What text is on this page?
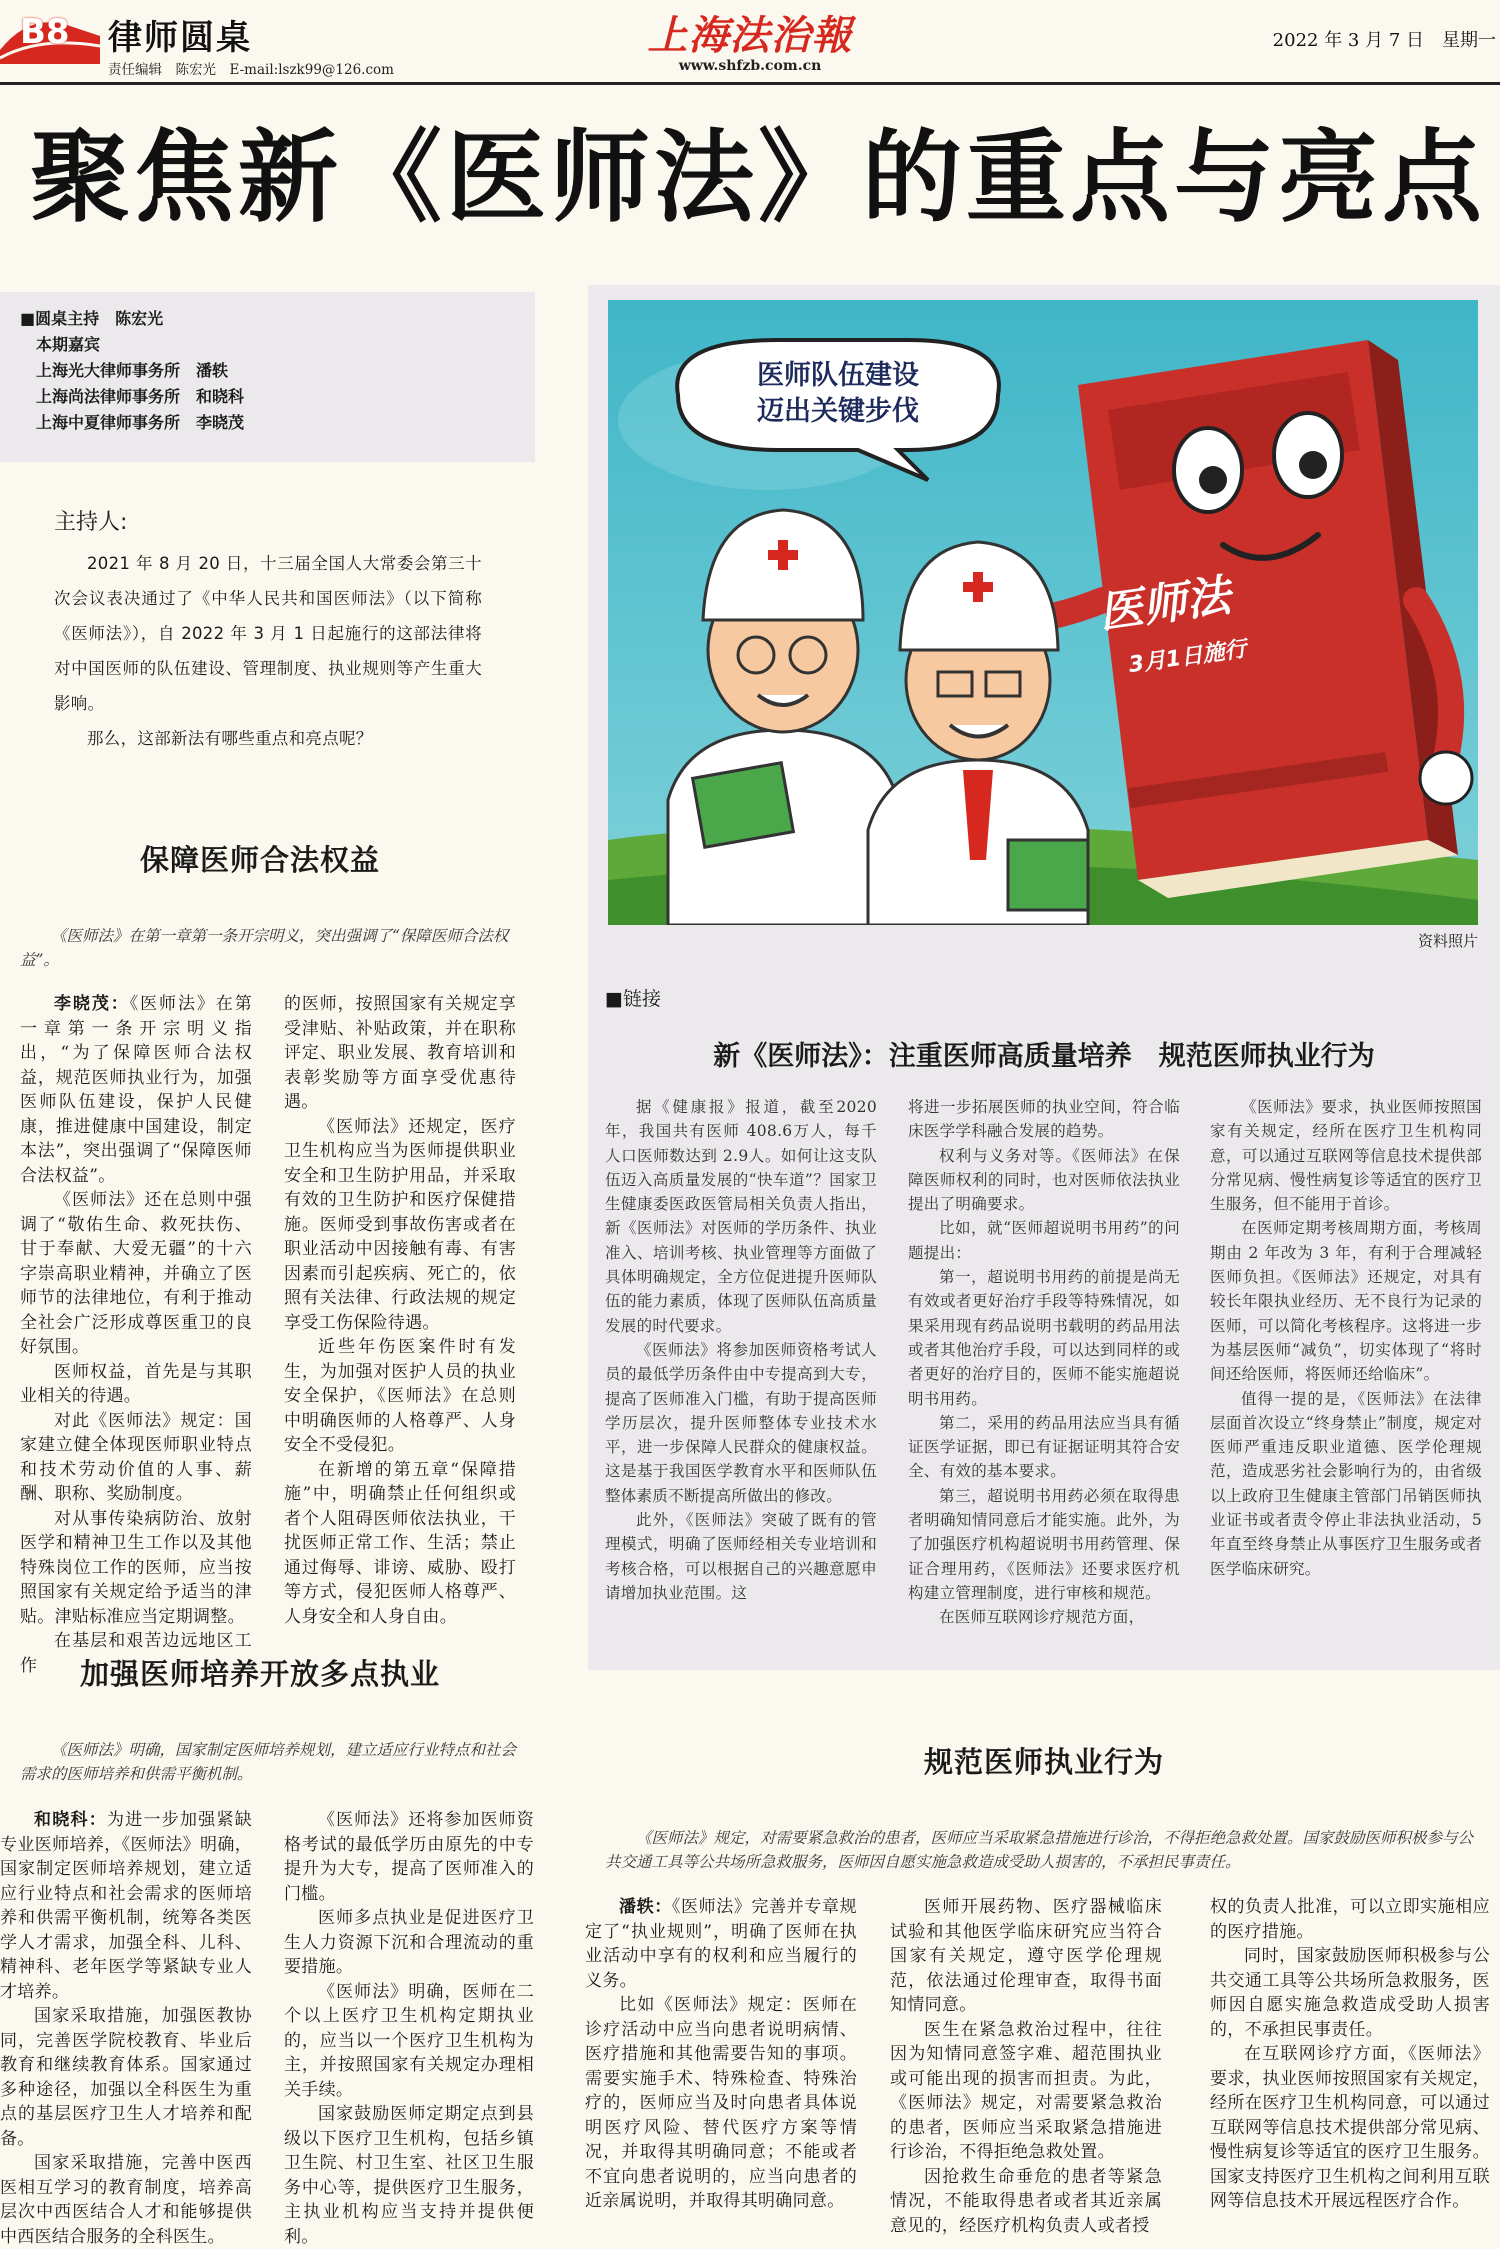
B8 律师圆桌
责任编辑　陈宏光　E-mail:lszk99@126.com
上海法治報
www.shfzb.com.cn
2022 年 3 月 7 日　星期一
聚焦新《医师法》的重点与亮点
■圆桌主持　陈宏光
本期嘉宾
上海光大律师事务所　潘轶
上海尚法律师事务所　和晓科
上海中夏律师事务所　李晓茂
主持人:

2021 年 8 月 20 日，十三届全国人大常委会第三十次会议表决通过了《中华人民共和国医师法》（以下简称《医师法》），自 2022 年 3 月 1 日起施行的这部法律将对中国医师的队伍建设、管理制度、执业规则等产生重大影响。

那么，这部新法有哪些重点和亮点呢？

保障医师合法权益
《医师法》在第一章第一条开宗明义，突出强调了“保障医师合法权益”。

李晓茂：《医师法》在第一章第一条开宗明义指出，“为了保障医师合法权益，规范医师执业行为，加强医师队伍建设，保护人民健康，推进健康中国建设，制定本法”，突出强调了“保障医师合法权益”。

《医师法》还在总则中强调了“敬佑生命、救死扶伤、甘于奉献、大爱无疆”的十六字崇高职业精神，并确立了医师节的法律地位，有利于推动全社会广泛形成尊医重卫的良好氛围。

医师权益，首先是与其职业相关的待遇。

对此《医师法》规定：国家建立健全体现医师职业特点和技术劳动价值的人事、薪酬、职称、奖励制度。

对从事传染病防治、放射医学和精神卫生工作以及其他特殊岗位工作的医师，应当按照国家有关规定给予适当的津贴。津贴标准应当定期调整。

在基层和艰苦边远地区工作

的医师，按照国家有关规定享受津贴、补贴政策，并在职称评定、职业发展、教育培训和表彰奖励等方面享受优惠待遇。

《医师法》还规定，医疗卫生机构应当为医师提供职业安全和卫生防护用品，并采取有效的卫生防护和医疗保健措施。医师受到事故伤害或者在职业活动中因接触有毒、有害因素而引起疾病、死亡的，依照有关法律、行政法规的规定享受工伤保险待遇。

近些年伤医案件时有发生，为加强对医护人员的执业安全保护，《医师法》在总则中明确医师的人格尊严、人身安全不受侵犯。

在新增的第五章“保障措施”中，明确禁止任何组织或者个人阻碍医师依法执业，干扰医师正常工作、生活；禁止通过侮辱、诽谤、威胁、殴打等方式，侵犯医师人格尊严、人身安全和人身自由。

加强医师培养开放多点执业
《医师法》明确，国家制定医师培养规划，建立适应行业特点和社会需求的医师培养和供需平衡机制。

和晓科：为进一步加强紧缺专业医师培养，《医师法》明确，国家制定医师培养规划，建立适应行业特点和社会需求的医师培养和供需平衡机制，统筹各类医学人才需求，加强全科、儿科、精神科、老年医学等紧缺专业人才培养。

国家采取措施，加强医教协同，完善医学院校教育、毕业后教育和继续教育体系。国家通过多种途径，加强以全科医生为重点的基层医疗卫生人才培养和配备。

国家采取措施，完善中医西医相互学习的教育制度，培养高层次中西医结合人才和能够提供中西医结合服务的全科医生。

《医师法》还将参加医师资格考试的最低学历由原先的中专提升为大专，提高了医师准入的门槛。

医师多点执业是促进医疗卫生人力资源下沉和合理流动的重要措施。

《医师法》明确，医师在二个以上医疗卫生机构定期执业的，应当以一个医疗卫生机构为主，并按照国家有关规定办理相关手续。

国家鼓励医师定期定点到县级以下医疗卫生机构，包括乡镇卫生院、村卫生室、社区卫生服务中心等，提供医疗卫生服务，主执业机构应当支持并提供便利。

医师队伍建设
迈出关键步伐
医师法
3月1日施行
资料照片
■链接
新《医师法》：注重医师高质量培养　规范医师执业行为

据《健康报》报道，截至2020 年，我国共有医师 408.6万人，每千人口医师数达到 2.9人。如何让这支队伍迈入高质量发展的“快车道”？国家卫生健康委医政医管局相关负责人指出，新《医师法》对医师的学历条件、执业准入、培训考核、执业管理等方面做了具体明确规定，全方位促进提升医师队伍的能力素质，体现了医师队伍高质量发展的时代要求。

《医师法》将参加医师资格考试人员的最低学历条件由中专提高到大专，提高了医师准入门槛，有助于提高医师学历层次，提升医师整体专业技术水平，进一步保障人民群众的健康权益。这是基于我国医学教育水平和医师队伍整体素质不断提高所做出的修改。

此外，《医师法》突破了既有的管理模式，明确了医师经相关专业培训和考核合格，可以根据自己的兴趣意愿申请增加执业范围。这

将进一步拓展医师的执业空间，符合临床医学学科融合发展的趋势。

权利与义务对等。《医师法》在保障医师权利的同时，也对医师依法执业提出了明确要求。

比如，就“医师超说明书用药”的问题提出：

第一，超说明书用药的前提是尚无有效或者更好治疗手段等特殊情况，如果采用现有药品说明书载明的药品用法或者其他治疗手段，可以达到同样的或者更好的治疗目的，医师不能实施超说明书用药。

第二，采用的药品用法应当具有循证医学证据，即已有证据证明其符合安全、有效的基本要求。

第三，超说明书用药必须在取得患者明确知情同意后才能实施。此外，为了加强医疗机构超说明书用药管理、保证合理用药，《医师法》还要求医疗机构建立管理制度，进行审核和规范。

在医师互联网诊疗规范方面，

《医师法》要求，执业医师按照国家有关规定，经所在医疗卫生机构同意，可以通过互联网等信息技术提供部分常见病、慢性病复诊等适宜的医疗卫生服务，但不能用于首诊。

在医师定期考核周期方面，考核周期由 2 年改为 3 年，有利于合理减轻医师负担。《医师法》还规定，对具有较长年限执业经历、无不良行为记录的医师，可以简化考核程序。这将进一步为基层医师“减负”，切实体现了“将时间还给医师，将医师还给临床”。

值得一提的是，《医师法》在法律层面首次设立“终身禁止”制度，规定对医师严重违反职业道德、医学伦理规范，造成恶劣社会影响行为的，由省级以上政府卫生健康主管部门吊销医师执业证书或者责令停止非法执业活动，5 年直至终身禁止从事医疗卫生服务或者医学临床研究。

规范医师执业行为
《医师法》规定，对需要紧急救治的患者，医师应当采取紧急措施进行诊治，不得拒绝急救处置。国家鼓励医师积极参与公共交通工具等公共场所急救服务，医师因自愿实施急救造成受助人损害的，不承担民事责任。

潘轶：《医师法》完善并专章规定了“执业规则”，明确了医师在执业活动中享有的权利和应当履行的义务。

比如《医师法》规定：医师在诊疗活动中应当向患者说明病情、医疗措施和其他需要告知的事项。需要实施手术、特殊检查、特殊治疗的，医师应当及时向患者具体说明医疗风险、替代医疗方案等情况，并取得其明确同意；不能或者不宜向患者说明的，应当向患者的近亲属说明，并取得其明确同意。

医师开展药物、医疗器械临床试验和其他医学临床研究应当符合国家有关规定，遵守医学伦理规范，依法通过伦理审查，取得书面知情同意。

医生在紧急救治过程中，往往因为知情同意签字难、超范围执业或可能出现的损害而担责。为此，《医师法》规定，对需要紧急救治的患者，医师应当采取紧急措施进行诊治，不得拒绝急救处置。

因抢救生命垂危的患者等紧急情况，不能取得患者或者其近亲属意见的，经医疗机构负责人或者授

权的负责人批准，可以立即实施相应的医疗措施。

同时，国家鼓励医师积极参与公共交通工具等公共场所急救服务，医师因自愿实施急救造成受助人损害的，不承担民事责任。

在互联网诊疗方面，《医师法》要求，执业医师按照国家有关规定，经所在医疗卫生机构同意，可以通过互联网等信息技术提供部分常见病、慢性病复诊等适宜的医疗卫生服务。国家支持医疗卫生机构之间利用互联网等信息技术开展远程医疗合作。
